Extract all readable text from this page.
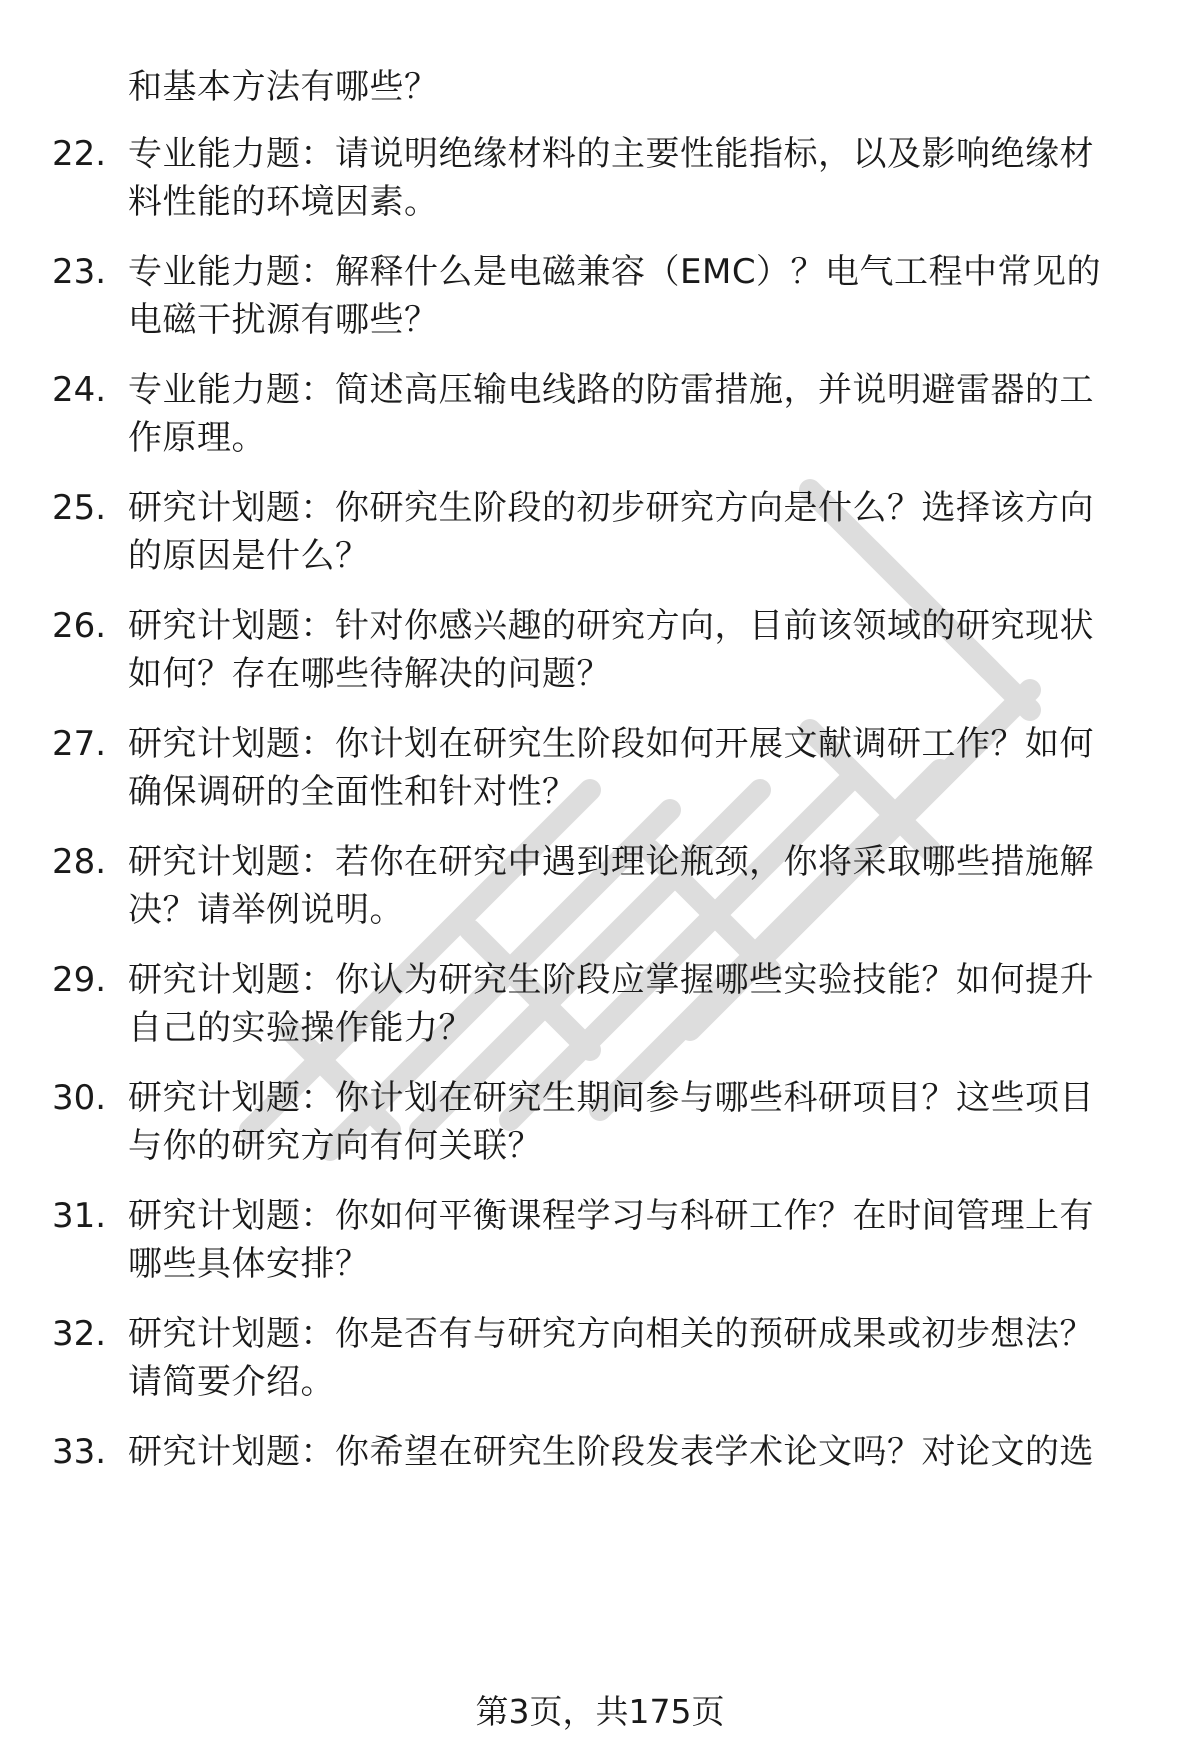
和基本方法有哪些？
22. 专业能力题：请说明绝缘材料的主要性能指标，以及影响绝缘材
料性能的环境因素。
23. 专业能力题：解释什么是电磁兼容（EMC）？电气工程中常见的
电磁干扰源有哪些？
24. 专业能力题：简述高压输电线路的防雷措施，并说明避雷器的工
作原理。
25. 研究计划题：你研究生阶段的初步研究方向是什么？选择该方向
的原因是什么？
26. 研究计划题：针对你感兴趣的研究方向，目前该领域的研究现状
如何？存在哪些待解决的问题？
27. 研究计划题：你计划在研究生阶段如何开展文献调研工作？如何
确保调研的全面性和针对性？
28. 研究计划题：若你在研究中遇到理论瓶颈，你将采取哪些措施解
决？请举例说明。
29. 研究计划题：你认为研究生阶段应掌握哪些实验技能？如何提升
自己的实验操作能力？
30. 研究计划题：你计划在研究生期间参与哪些科研项目？这些项目
与你的研究方向有何关联？
31. 研究计划题：你如何平衡课程学习与科研工作？在时间管理上有
哪些具体安排？
32. 研究计划题：你是否有与研究方向相关的预研成果或初步想法？
请简要介绍。
33. 研究计划题：你希望在研究生阶段发表学术论文吗？对论文的选
第3页，共175页
